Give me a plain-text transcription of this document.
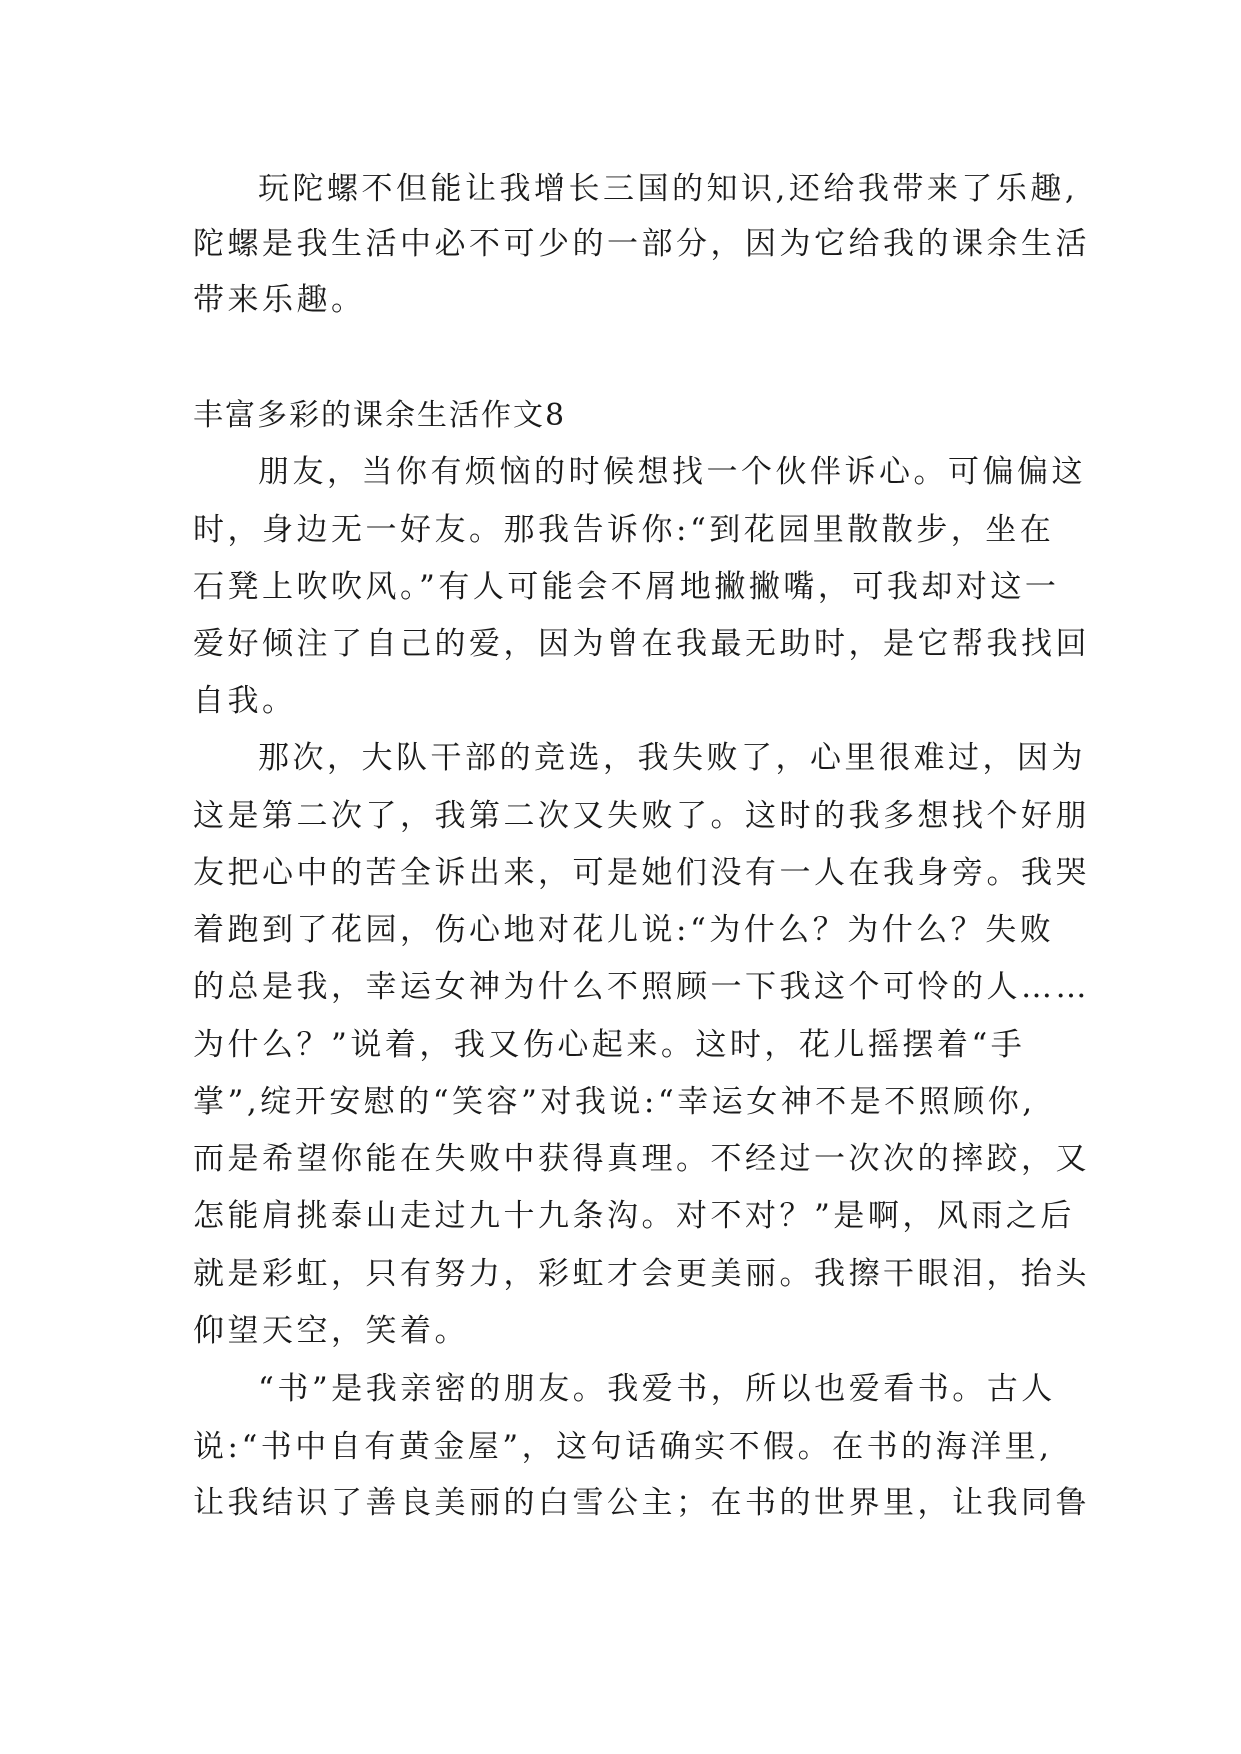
玩陀螺不但能让我增长三国的知识,还给我带来了乐趣,
陀螺是我生活中必不可少的一部分，因为它给我的课余生活
带来乐趣。
丰富多彩的课余生活作文8
朋友，当你有烦恼的时候想找一个伙伴诉心。可偏偏这
时，身边无一好友。那我告诉你:“到花园里散散步，坐在
石凳上吹吹风。”有人可能会不屑地撇撇嘴，可我却对这一
爱好倾注了自己的爱，因为曾在我最无助时，是它帮我找回
自我。
那次，大队干部的竞选，我失败了，心里很难过，因为
这是第二次了，我第二次又失败了。这时的我多想找个好朋
友把心中的苦全诉出来，可是她们没有一人在我身旁。我哭
着跑到了花园，伤心地对花儿说:“为什么？为什么？失败
的总是我，幸运女神为什么不照顾一下我这个可怜的人……
为什么？”说着，我又伤心起来。这时，花儿摇摆着“手
掌”,绽开安慰的“笑容”对我说:“幸运女神不是不照顾你,
而是希望你能在失败中获得真理。不经过一次次的摔跤，又
怎能肩挑泰山走过九十九条沟。对不对？”是啊，风雨之后
就是彩虹，只有努力，彩虹才会更美丽。我擦干眼泪，抬头
仰望天空，笑着。
“书”是我亲密的朋友。我爱书，所以也爱看书。古人
说:“书中自有黄金屋”，这句话确实不假。在书的海洋里,
让我结识了善良美丽的白雪公主；在书的世界里，让我同鲁
